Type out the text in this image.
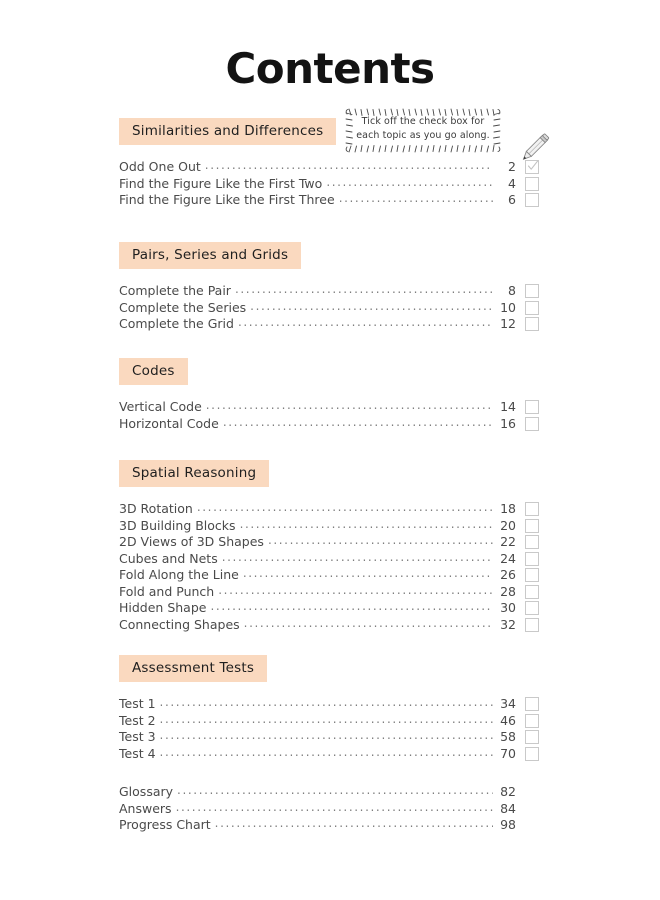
Contents
Tick off the check box for
each topic as you go along.
Similarities and Differences
Odd One Out .....	2
Find the Figure Like the First Two .....	4
Find the Figure Like the First Three .....	6
Pairs, Series and Grids
Complete the Pair .....	8
Complete the Series .....	10
Complete the Grid .....	12
Codes
Vertical Code .....	14
Horizontal Code .....	16
Spatial Reasoning
3D Rotation .....	18
3D Building Blocks .....	20
2D Views of 3D Shapes .....	22
Cubes and Nets .....	24
Fold Along the Line .....	26
Fold and Punch .....	28
Hidden Shape .....	30
Connecting Shapes .....	32
Assessment Tests
Test 1 .....	34
Test 2 .....	46
Test 3 .....	58
Test 4 .....	70
Glossary .....	82
Answers .....	84
Progress Chart .....	98
